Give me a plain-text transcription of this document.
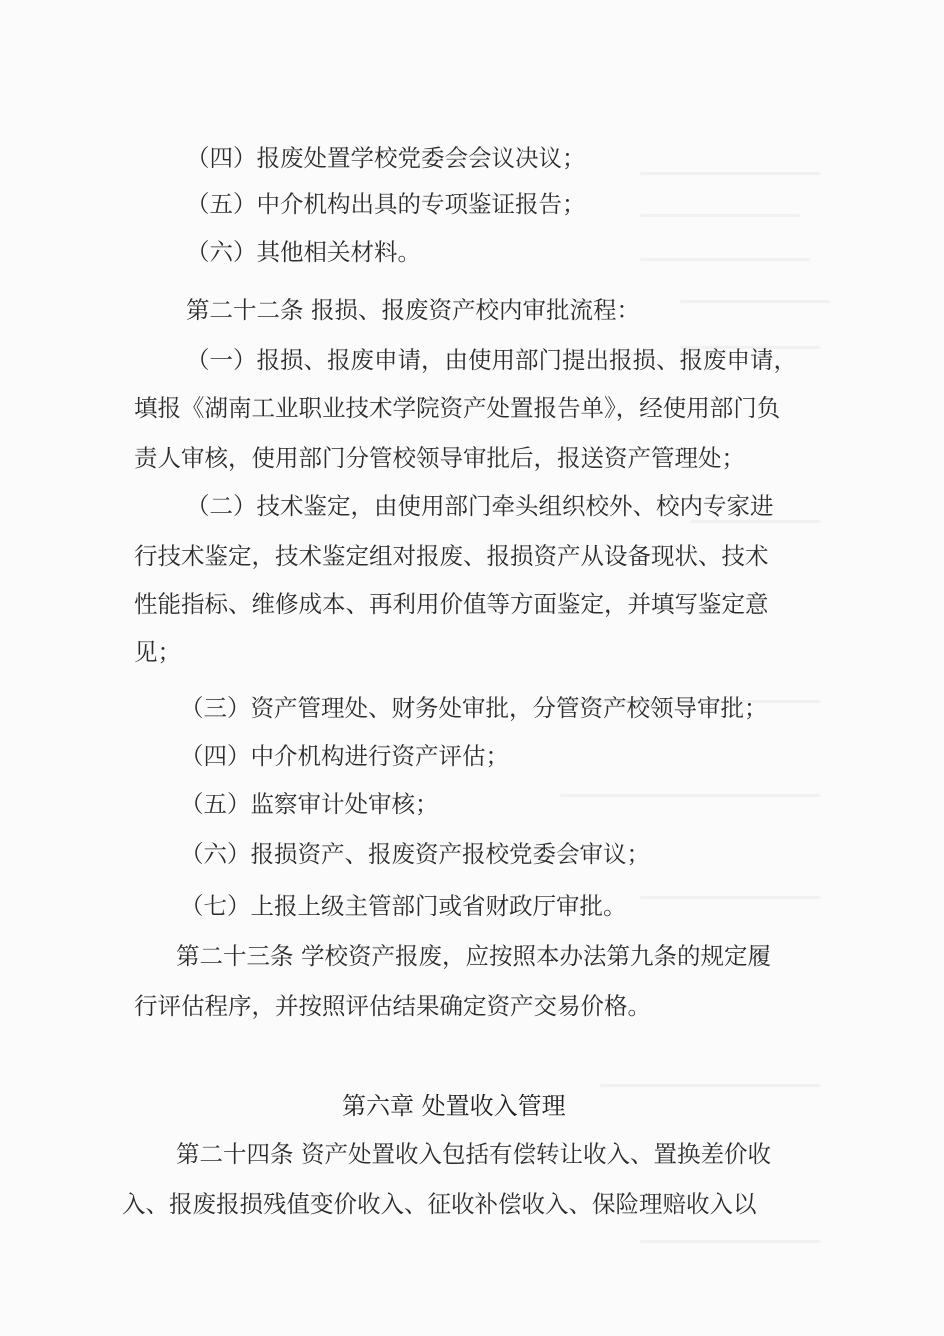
（四）报废处置学校党委会会议决议；
（五）中介机构出具的专项鉴证报告；
（六）其他相关材料。
第二十二条 报损、报废资产校内审批流程：
（一）报损、报废申请，由使用部门提出报损、报废申请，
填报《湖南工业职业技术学院资产处置报告单》，经使用部门负
责人审核，使用部门分管校领导审批后，报送资产管理处；
（二）技术鉴定，由使用部门牵头组织校外、校内专家进
行技术鉴定，技术鉴定组对报废、报损资产从设备现状、技术
性能指标、维修成本、再利用价值等方面鉴定，并填写鉴定意
见；
（三）资产管理处、财务处审批，分管资产校领导审批；
（四）中介机构进行资产评估；
（五）监察审计处审核；
（六）报损资产、报废资产报校党委会审议；
（七）上报上级主管部门或省财政厅审批。
第二十三条 学校资产报废，应按照本办法第九条的规定履
行评估程序，并按照评估结果确定资产交易价格。
第六章 处置收入管理
第二十四条 资产处置收入包括有偿转让收入、置换差价收
入、报废报损残值变价收入、征收补偿收入、保险理赔收入以
